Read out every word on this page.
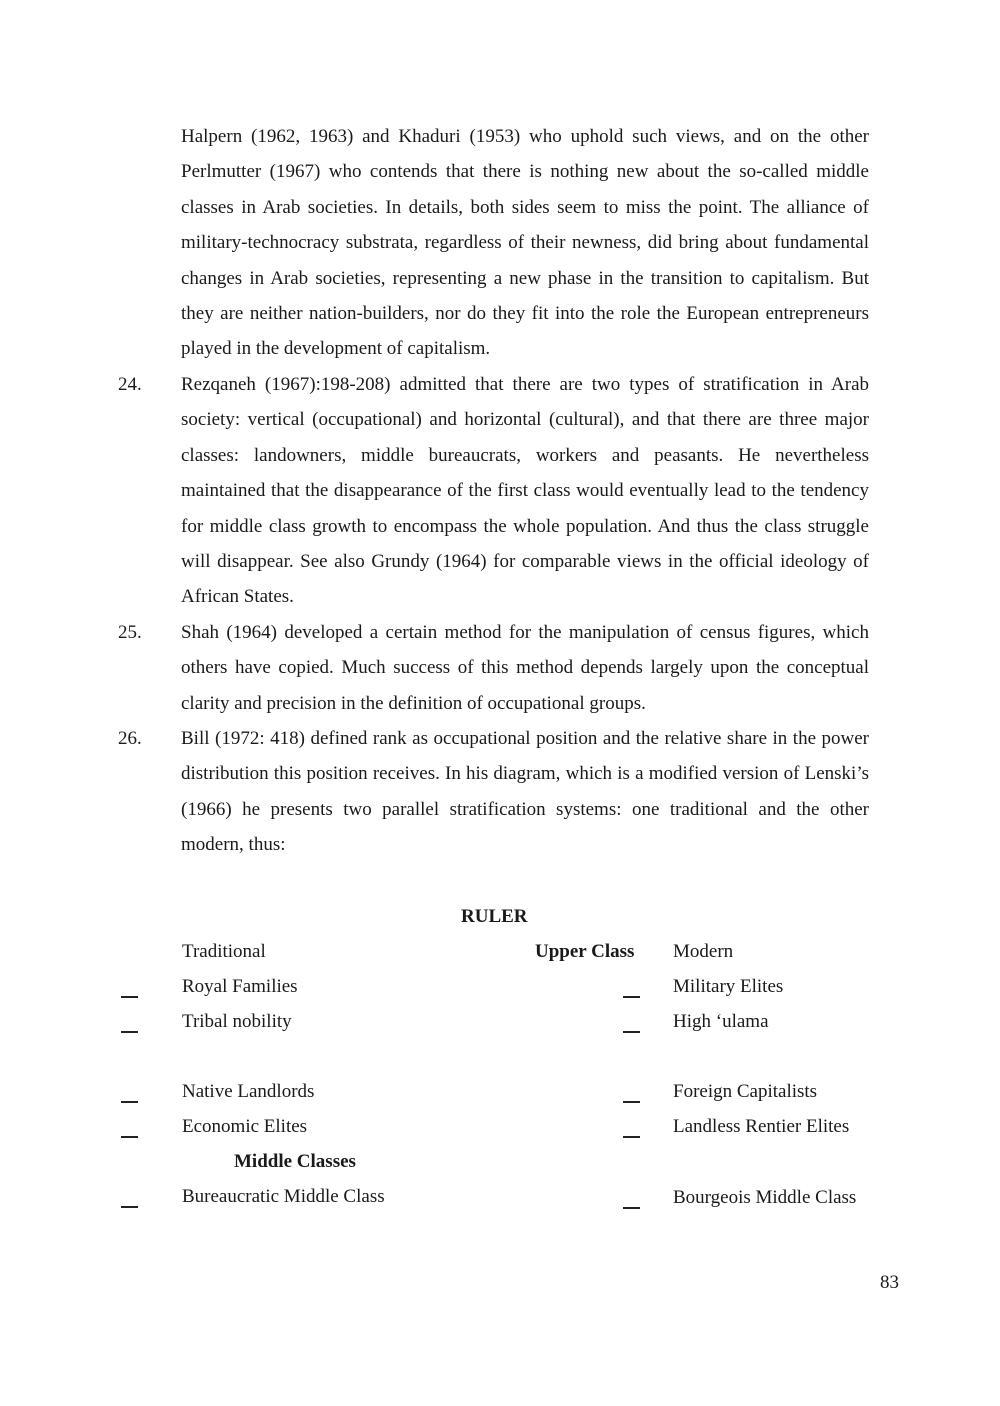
Halpern (1962, 1963) and Khaduri (1953) who uphold such views, and on the other Perlmutter (1967) who contends that there is nothing new about the so-called middle classes in Arab societies. In details, both sides seem to miss the point. The alliance of military-technocracy substrata, regardless of their newness, did bring about fundamental changes in Arab societies, representing a new phase in the transition to capitalism. But they are neither nation-builders, nor do they fit into the role the European entrepreneurs played in the development of capitalism.
24. Rezqaneh (1967):198-208) admitted that there are two types of stratification in Arab society: vertical (occupational) and horizontal (cultural), and that there are three major classes: landowners, middle bureaucrats, workers and peasants. He nevertheless maintained that the disappearance of the first class would eventually lead to the tendency for middle class growth to encompass the whole population. And thus the class struggle will disappear. See also Grundy (1964) for comparable views in the official ideology of African States.
25. Shah (1964) developed a certain method for the manipulation of census figures, which others have copied. Much success of this method depends largely upon the conceptual clarity and precision in the definition of occupational groups.
26. Bill (1972: 418) defined rank as occupational position and the relative share in the power distribution this position receives. In his diagram, which is a modified version of Lenski’s (1966) he presents two parallel stratification systems: one traditional and the other modern, thus:
RULER
Traditional	Upper Class Modern
Royal Families
Tribal nobility
Native Landlords
Economic Elites
Middle Classes
Bureaucratic Middle Class
Military Elites
High ‘ulama
Foreign Capitalists
Landless Rentier Elites
Bourgeois Middle Class
83
